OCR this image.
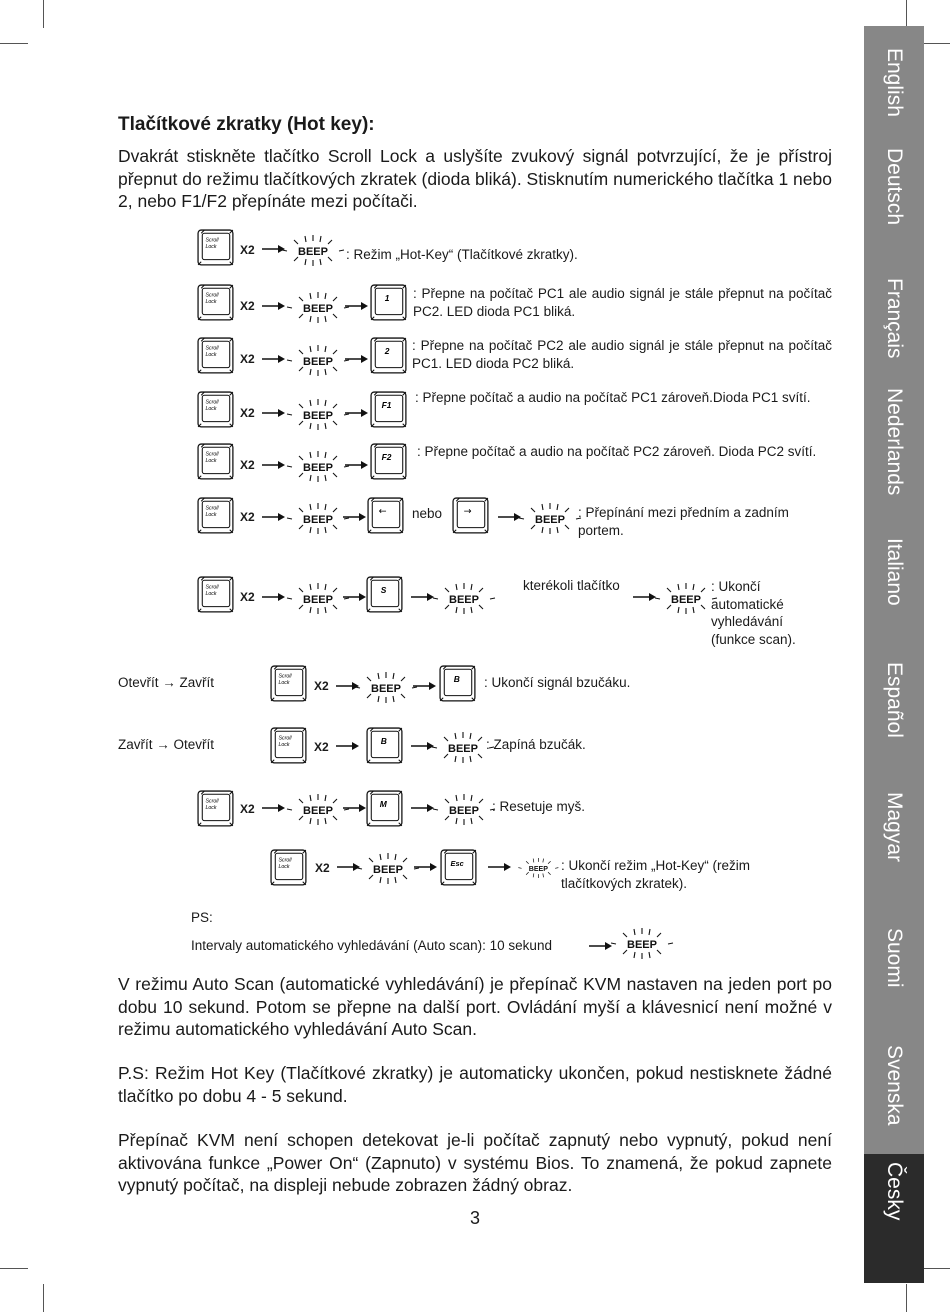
Tlačítkové zkratky (Hot key):

Dvakrát stiskněte tlačítko Scroll Lock a uslyšíte zvukový signál potvrzující, že je přístroj přepnut do režimu tlačítkových zkratek (dioda bliká). Stisknutím numerického tlačítka 1 nebo 2, nebo F1/F2 přepínáte mezi počítači.

Scroll
Lock X2	: Režim „Hot-Key“ (Tlačítkové zkratky).
Scroll
Lock X2
1 : Přepne na počítač PC1 ale audio signál je stále přepnut na počítač PC2. LED dioda PC1 bliká.
Scroll
Lock X2
2 : Přepne na počítač PC2 ale audio signál je stále přepnut na počítač PC1. LED dioda PC2 bliká.
Scroll
Lock X2
F1 : Přepne počítač a audio na počítač PC1 zároveň.Dioda PC1 svítí.
Scroll
Lock X2
F2 : Přepne počítač a audio na počítač PC2 zároveň. Dioda PC2 svítí.
Scroll
Lock X2	← nebo →	: Přepínání mezi předním a zadním portem.
Scroll
Lock X2
S	kterékoli tlačítko	: Ukončí automatické vyhledávání (funkce scan).
Otevřít → Zavřít	Scroll
Lock X2
B : Ukončí signál bzučáku.
Zavřít → Otevřít	Scroll
Lock X2	B	: Zapíná bzučák.
Scroll
Lock X2	M	: Resetuje myš.
Scroll
Lock X2	Esc	: Ukončí režim „Hot-Key“ (režim tlačítkových zkratek).
PS:
Intervaly automatického vyhledávání (Auto scan): 10 sekund

V režimu Auto Scan (automatické vyhledávání) je přepínač KVM nastaven na jeden port po dobu 10 sekund. Potom se přepne na další port. Ovládání myší a klávesnicí není možné v režimu automatického vyhledávání Auto Scan.

P.S: Režim Hot Key (Tlačítkové zkratky) je automaticky ukončen, pokud nestisknete žádné tlačítko po dobu 4 - 5 sekund.

Přepínač KVM není schopen detekovat je-li počítač zapnutý nebo vypnutý, pokud není aktivována funkce „Power On“ (Zapnuto) v systému Bios. To znamená, že pokud zapnete vypnutý počítač, na displeji nebude zobrazen žádný obraz.

3
English
Deutsch
Français
Nederlands
Italiano
Español
Magyar
Suomi
Svenska
Česky
